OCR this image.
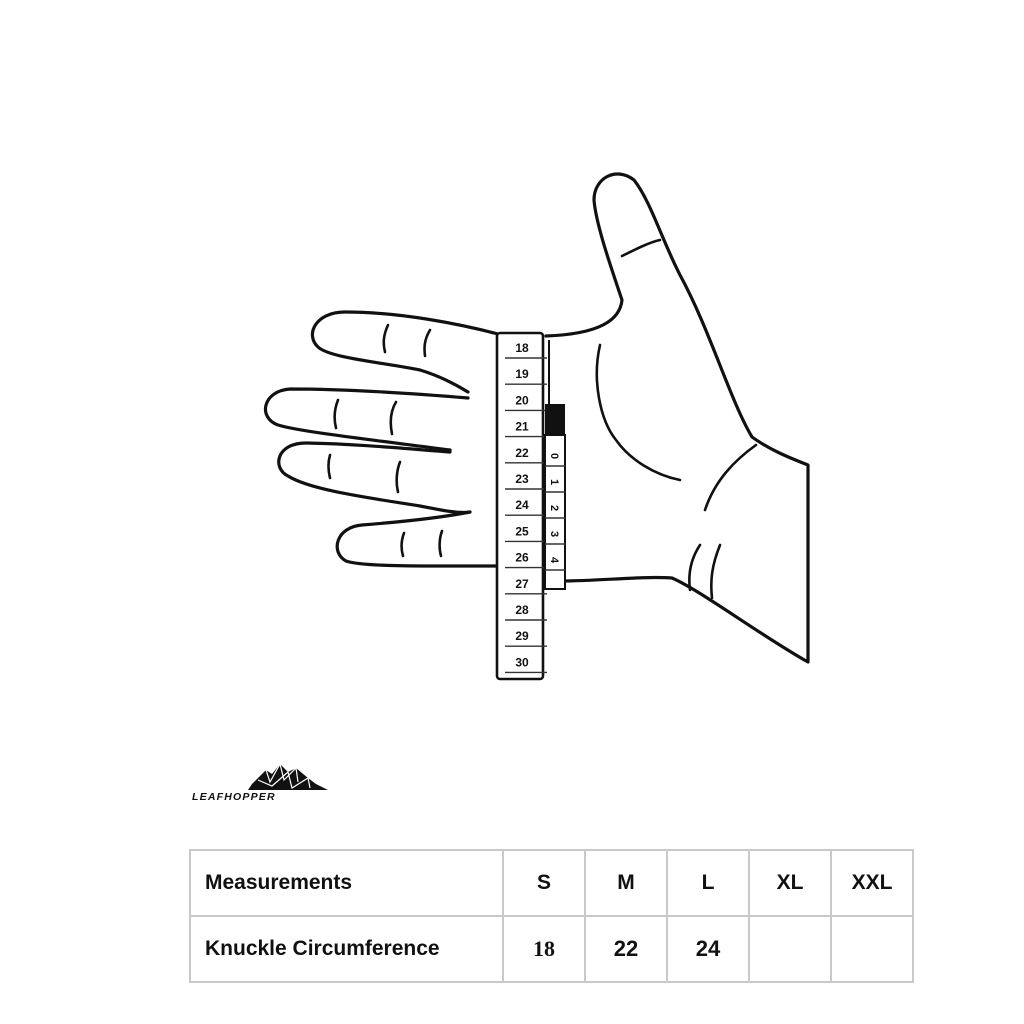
18
19
20
21
22
23
24
25
26
27
28
29
30
0
1
2
3
4
LEAFHOPPER
Measurements	S	M	L	XL	XXL
Knuckle Circumference	18	22	24		
